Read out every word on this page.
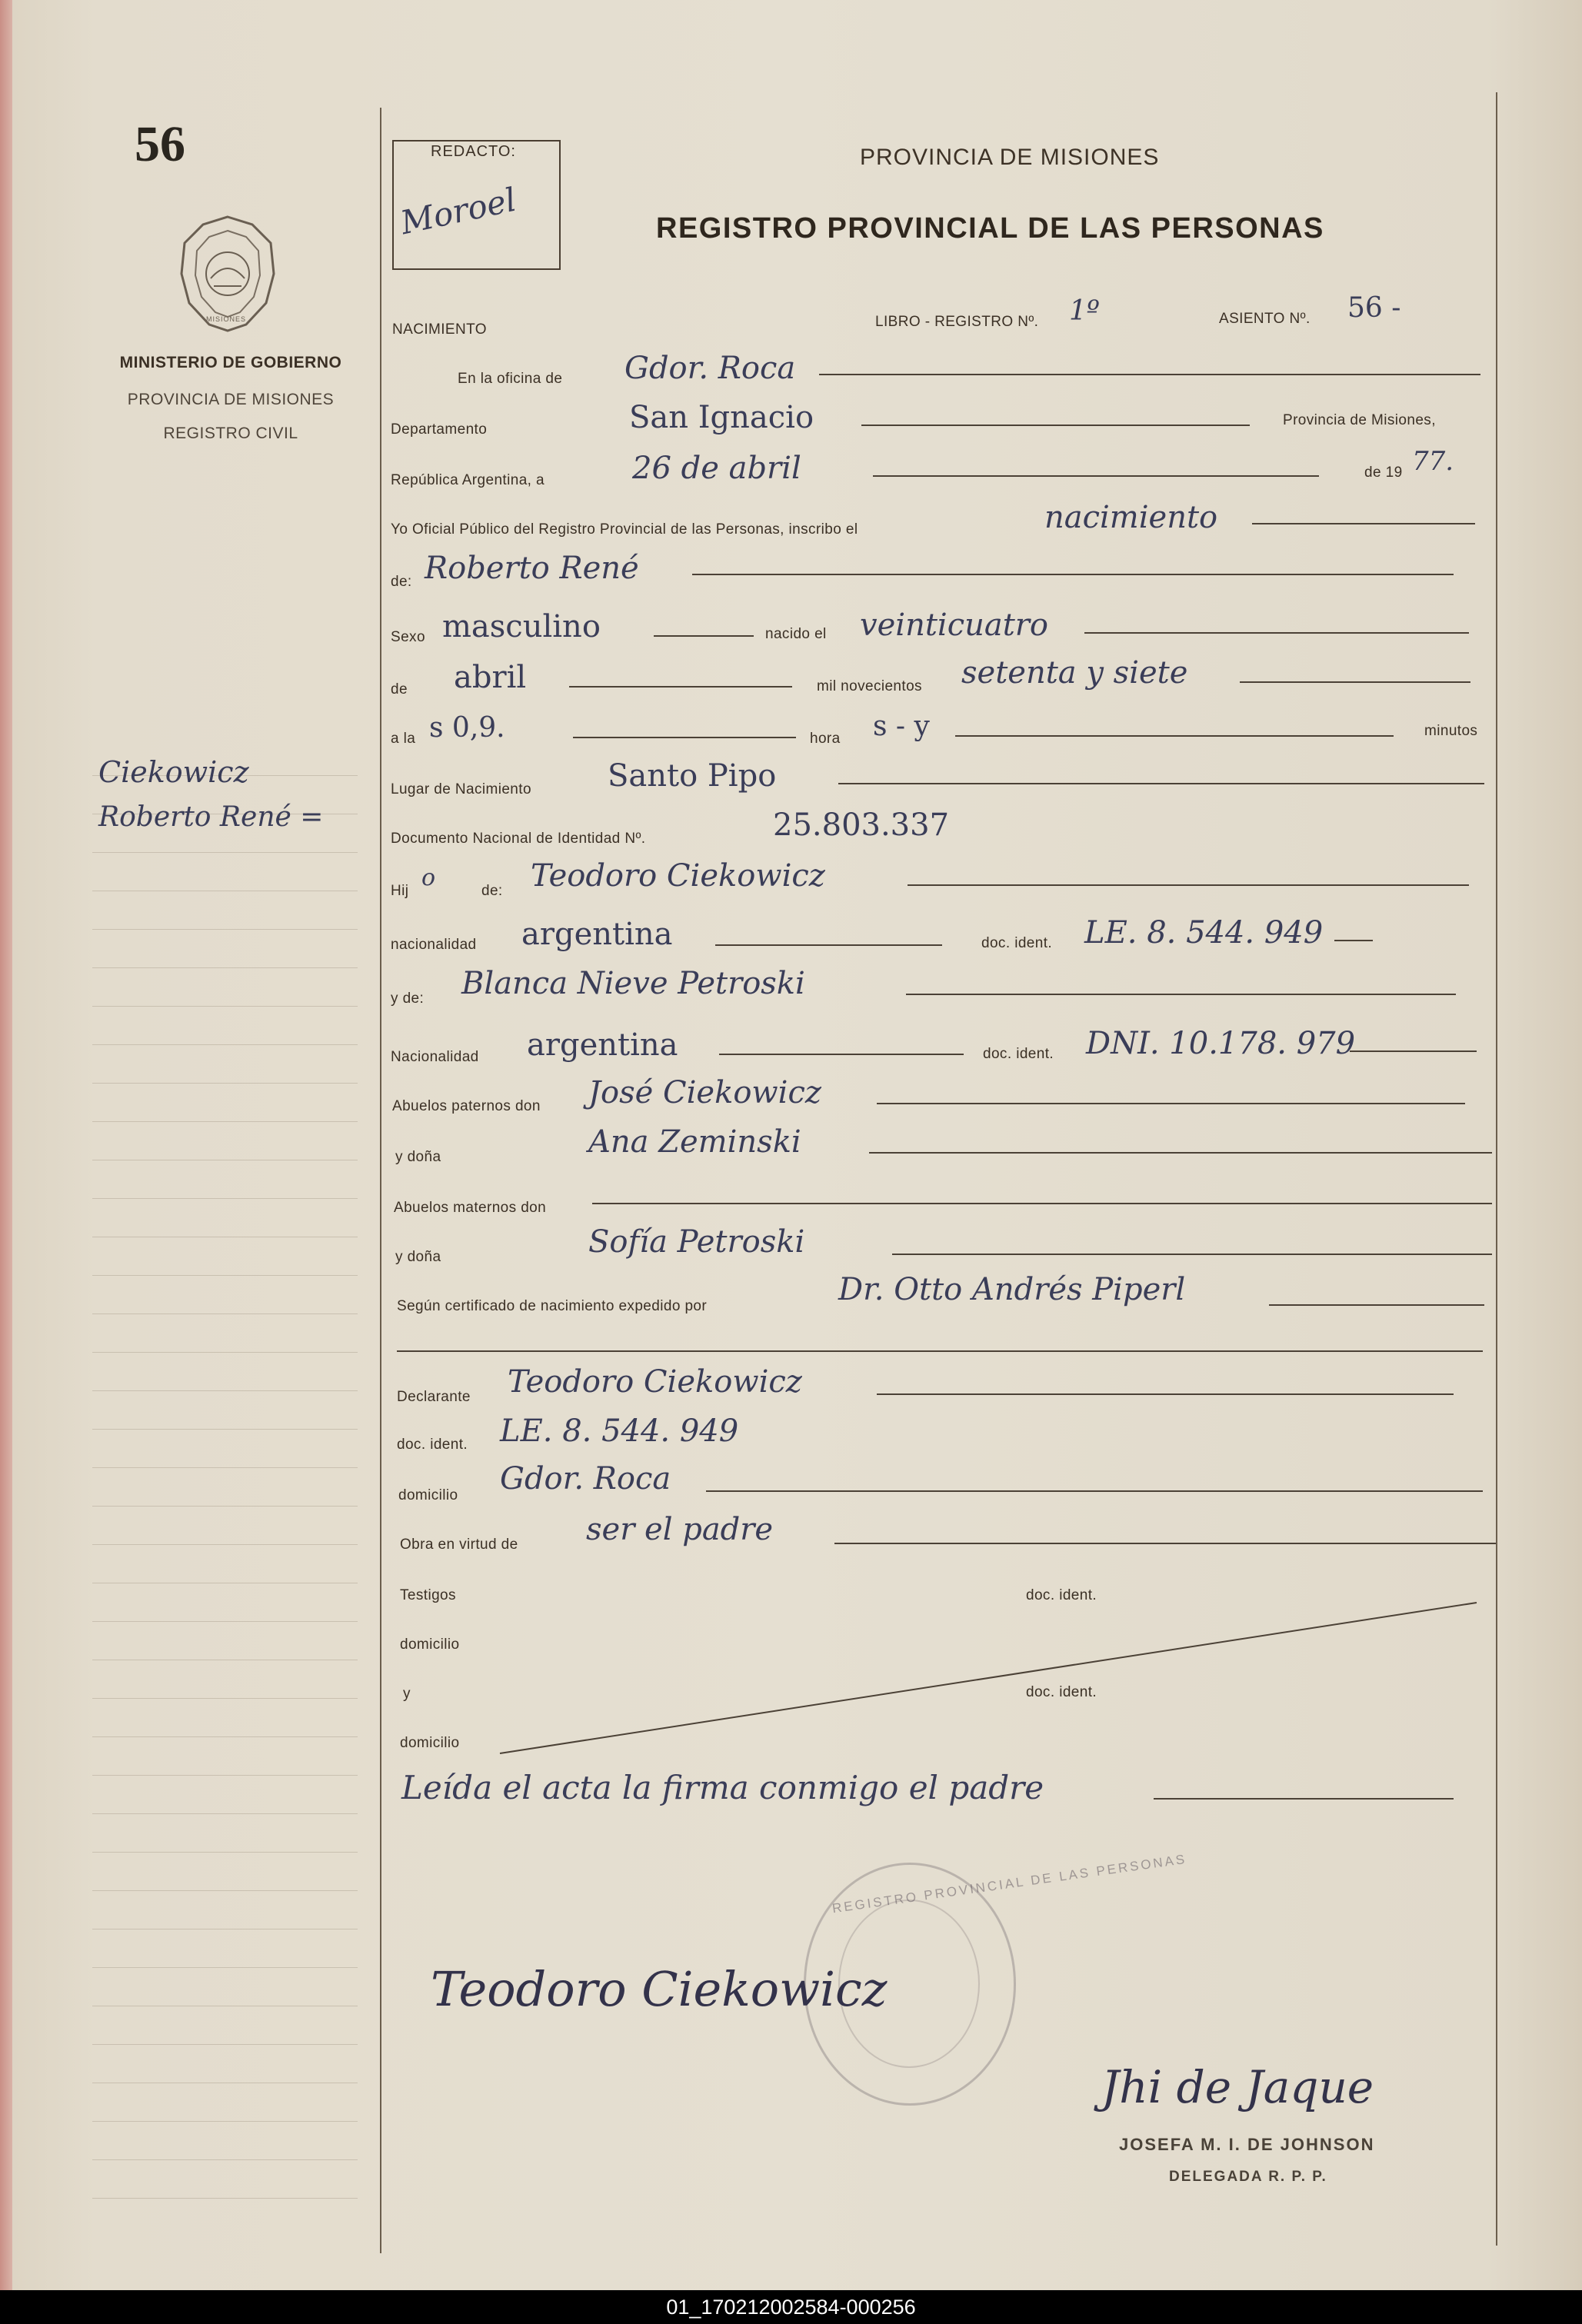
56
MISIONES
MINISTERIO DE GOBIERNO
PROVINCIA DE MISIONES
REGISTRO CIVIL
Ciekowicz
Roberto René =
REDACTO:
Moroel
PROVINCIA DE MISIONES
REGISTRO PROVINCIAL DE LAS PERSONAS
NACIMIENTO	LIBRO - REGISTRO Nº. 1º	ASIENTO Nº. 56 -
En la oficina de Gdor. Roca
Departamento	San Ignacio	Provincia de Misiones,
República Argentina, a	26 de abril	de 19 77.
Yo Oficial Público del Registro Provincial de las Personas, inscribo el	nacimiento
de: Roberto René
Sexo masculino	nacido el veinticuatro
de abril	mil novecientos setenta y siete
a la s 0,9.	hora s - y	minutos
Lugar de Nacimiento Santo Pipo
Documento Nacional de Identidad Nº.	25.803.337
Hij o	de: Teodoro Ciekowicz
nacionalidad argentina	doc. ident. LE. 8. 544. 949
y de: Blanca Nieve Petroski
Nacionalidad argentina	doc. ident. DNI. 10.178. 979
Abuelos paternos don José Ciekowicz
y doña	Ana Zeminski
Abuelos maternos don
y doña	Sofía Petroski
Según certificado de nacimiento expedido por	Dr. Otto Andrés Piperl
Declarante Teodoro Ciekowicz
doc. ident. LE. 8. 544. 949
domicilio Gdor. Roca
Obra en virtud de ser el padre
Testigos	doc. ident.
domicilio
y	doc. ident.
domicilio
Leída el acta la firma conmigo el padre
REGISTRO PROVINCIAL DE LAS PERSONAS
Teodoro Ciekowicz
Jhi de Jaque
JOSEFA M. I. DE JOHNSON
DELEGADA R. P. P.
01_170212002584-000256
